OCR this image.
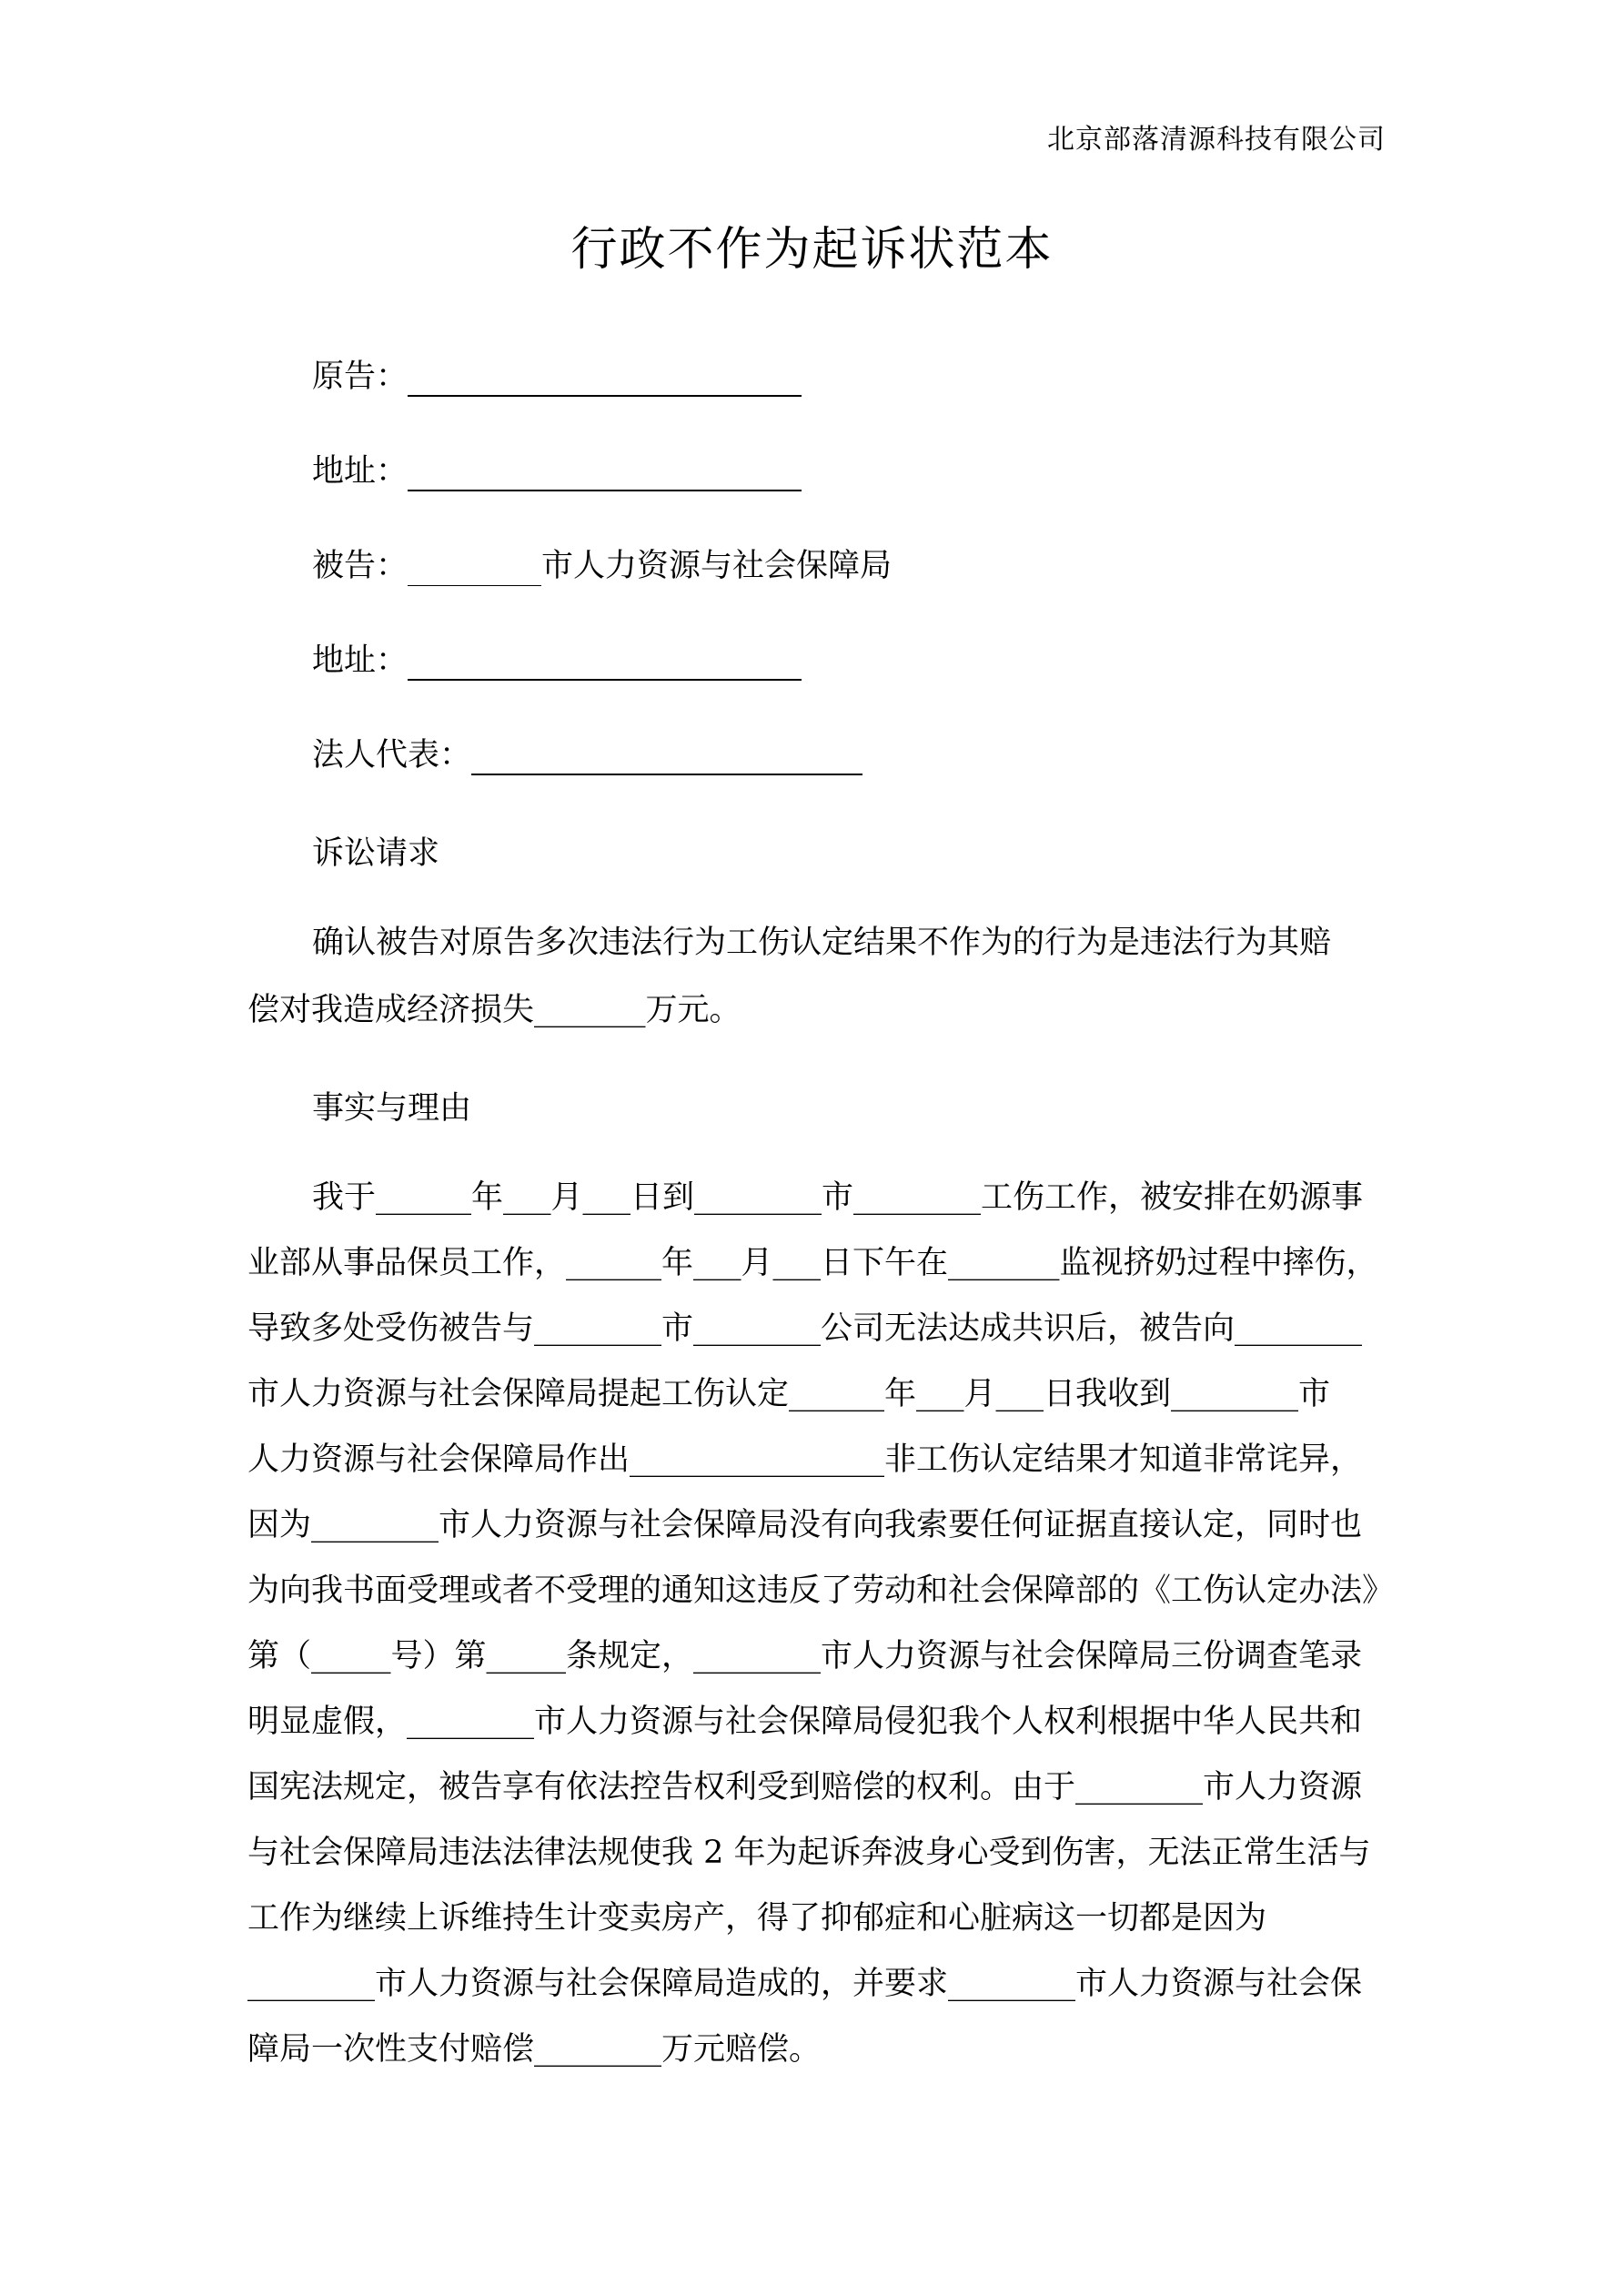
北京部落清源科技有限公司
行政不作为起诉状范本
原告：
地址：
被告：	市人力资源与社会保障局
地址：
法人代表：
诉讼请求
确认被告对原告多次违法行为工伤认定结果不作为的行为是违法行为其赔
偿对我造成经济损失_______万元。
事实与理由
我于______年___月___日到________市________工伤工作，被安排在奶源事
业部从事品保员工作，______年___月___日下午在_______监视挤奶过程中摔伤，
导致多处受伤被告与________市________公司无法达成共识后，被告向________
市人力资源与社会保障局提起工伤认定______年___月___日我收到________市
人力资源与社会保障局作出________________非工伤认定结果才知道非常诧异，
因为________市人力资源与社会保障局没有向我索要任何证据直接认定，同时也
为向我书面受理或者不受理的通知这违反了劳动和社会保障部的《工伤认定办法》
第（_____号）第_____条规定，________市人力资源与社会保障局三份调查笔录
明显虚假，________市人力资源与社会保障局侵犯我个人权利根据中华人民共和
国宪法规定，被告享有依法控告权利受到赔偿的权利。由于________市人力资源
与社会保障局违法法律法规使我 2 年为起诉奔波身心受到伤害，无法正常生活与
工作为继续上诉维持生计变卖房产，得了抑郁症和心脏病这一切都是因为
________市人力资源与社会保障局造成的，并要求________市人力资源与社会保
障局一次性支付赔偿________万元赔偿。
